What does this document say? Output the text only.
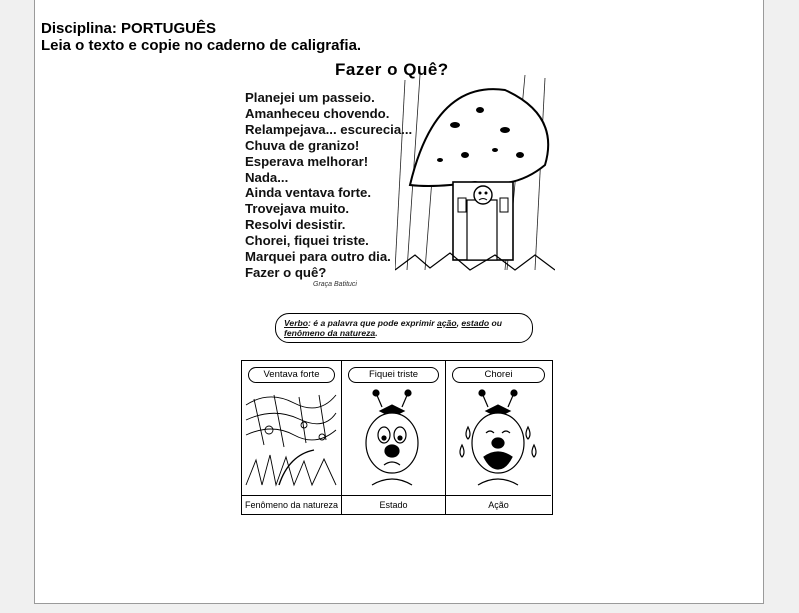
Disciplina: PORTUGUÊS
Leia o texto e copie no caderno de caligrafia.
Fazer o Quê?
Planejei um passeio.
Amanheceu chovendo.
Relampejava... escurecia...
Chuva de granizo!
Esperava melhorar!
Nada...
Ainda ventava forte.
Trovejava muito.
Resolvi desistir.
Chorei, fiquei triste.
Marquei para outro dia.
Fazer o quê?
Graça Batituci
Verbo: é a palavra que pode exprimir ação, estado ou
fenômeno da natureza.
Ventava forte
Fenômeno da natureza
Fiquei triste
Estado
Chorei
Ação
